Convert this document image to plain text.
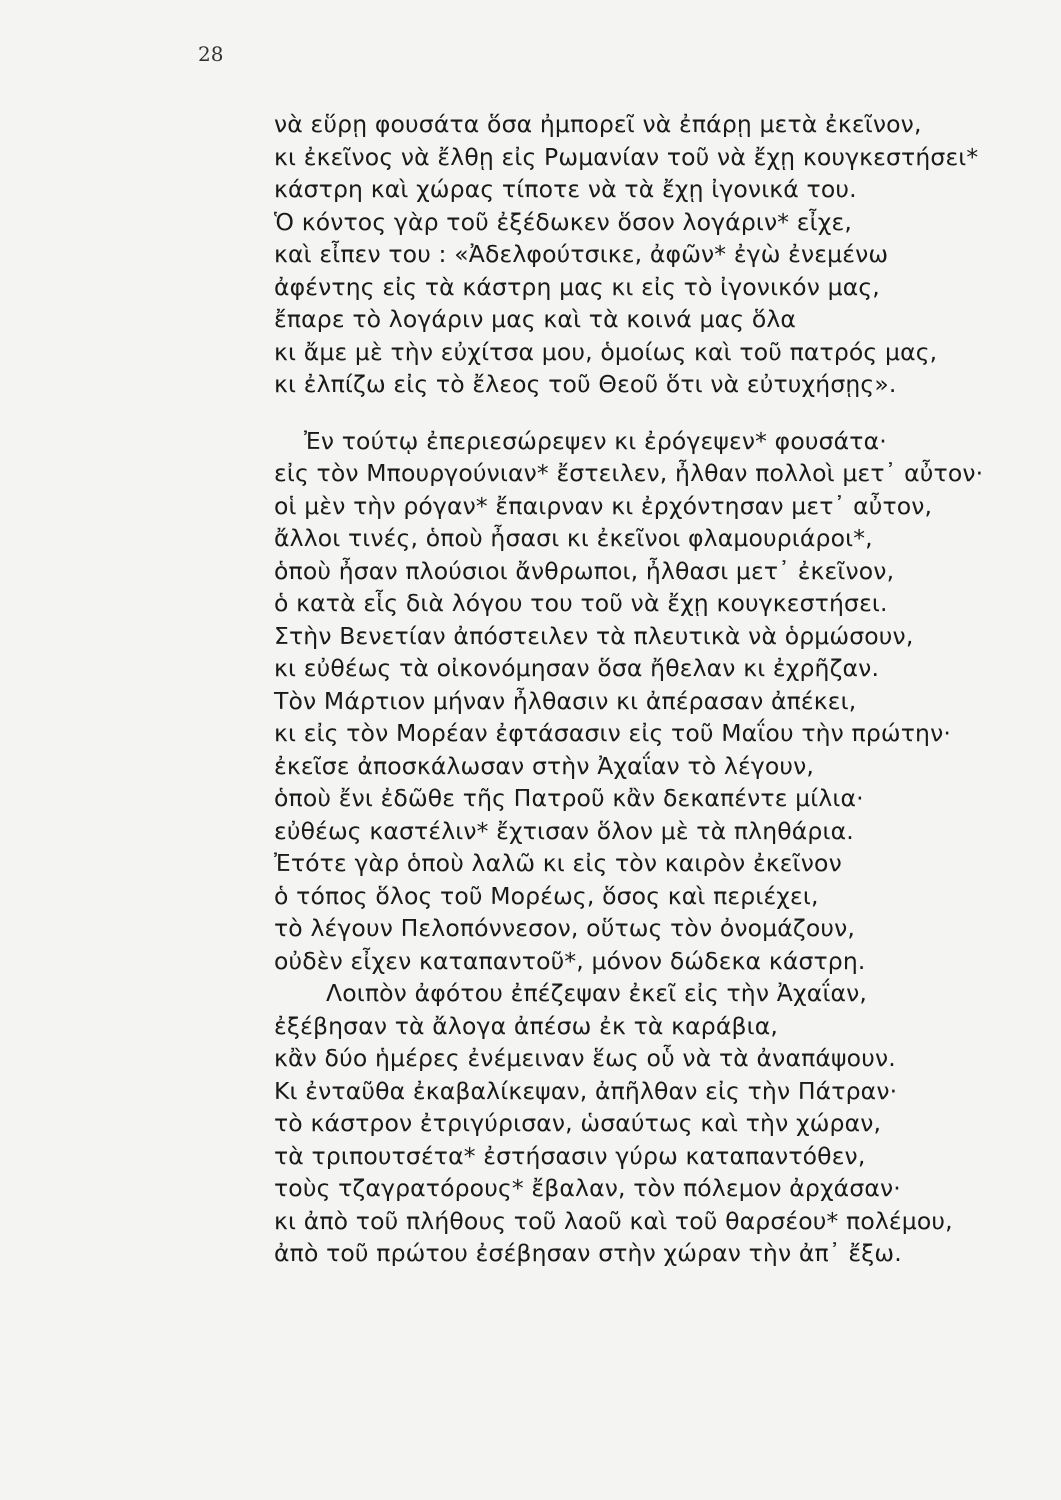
28
νὰ εὕρῃ φουσάτα ὅσα ἠμπορεῖ νὰ ἐπάρῃ μετὰ ἐκεῖνον,
κι ἐκεῖνος νὰ ἔλθῃ εἰς Ρωμανίαν τοῦ νὰ ἔχῃ κουγκεστήσει*
κάστρη καὶ χώρας τίποτε νὰ τὰ ἔχῃ ἰγονικά του.
Ὁ κόντος γὰρ τοῦ ἐξέδωκεν ὅσον λογάριν* εἶχε,
καὶ εἶπεν του : «Ἀδελφούτσικε, ἀφῶν* ἐγὼ ἐνεμένω
ἀφέντης εἰς τὰ κάστρη μας κι εἰς τὸ ἰγονικόν μας,
ἔπαρε τὸ λογάριν μας καὶ τὰ κοινά μας ὅλα
κι ἄμε μὲ τὴν εὐχίτσα μου, ὁμοίως καὶ τοῦ πατρός μας,
κι ἐλπίζω εἰς τὸ ἔλεος τοῦ Θεοῦ ὅτι νὰ εὐτυχήσῃς».
Ἐν τούτῳ ἐπεριεσώρεψεν κι ἐρόγεψεν* φουσάτα·
εἰς τὸν Μπουργούνιαν* ἔστειλεν, ἦλθαν πολλοὶ μετ᾽ αὖτον·
οἱ μὲν τὴν ρόγαν* ἔπαιρναν κι ἐρχόντησαν μετ᾽ αὖτον,
ἄλλοι τινές, ὁποὺ ἦσασι κι ἐκεῖνοι φλαμουριάροι*,
ὁποὺ ἦσαν πλούσιοι ἄνθρωποι, ἦλθασι μετ᾽ ἐκεῖνον,
ὁ κατὰ εἷς διὰ λόγου του τοῦ νὰ ἔχῃ κουγκεστήσει.
Στὴν Βενετίαν ἀπόστειλεν τὰ πλευτικὰ νὰ ὁρμώσουν,
κι εὐθέως τὰ οἰκονόμησαν ὅσα ἤθελαν κι ἐχρῆζαν.
Τὸν Μάρτιον μήναν ἦλθασιν κι ἀπέρασαν ἀπέκει,
κι εἰς τὸν Μορέαν ἐφτάσασιν εἰς τοῦ Μαΐου τὴν πρώτην·
ἐκεῖσε ἀποσκάλωσαν στὴν Ἀχαΐαν τὸ λέγουν,
ὁποὺ ἔνι ἐδῶθε τῆς Πατροῦ κἂν δεκαπέντε μίλια·
εὐθέως καστέλιν* ἔχτισαν ὅλον μὲ τὰ πληθάρια.
Ἐτότε γὰρ ὁποὺ λαλῶ κι εἰς τὸν καιρὸν ἐκεῖνον
ὁ τόπος ὅλος τοῦ Μορέως, ὅσος καὶ περιέχει,
τὸ λέγουν Πελοπόννεσον, οὕτως τὸν ὀνομάζουν,
οὐδὲν εἶχεν καταπαντοῦ*, μόνον δώδεκα κάστρη.
Λοιπὸν ἀφότου ἐπέζεψαν ἐκεῖ εἰς τὴν Ἀχαΐαν,
ἐξέβησαν τὰ ἄλογα ἀπέσω ἐκ τὰ καράβια,
κἂν δύο ἡμέρες ἐνέμειναν ἕως οὗ νὰ τὰ ἀναπάψουν.
Κι ἐνταῦθα ἐκαβαλίκεψαν, ἀπῆλθαν εἰς τὴν Πάτραν·
τὸ κάστρον ἐτριγύρισαν, ὡσαύτως καὶ τὴν χώραν,
τὰ τριπουτσέτα* ἐστήσασιν γύρω καταπαντόθεν,
τοὺς τζαγρατόρους* ἔβαλαν, τὸν πόλεμον ἀρχάσαν·
κι ἀπὸ τοῦ πλήθους τοῦ λαοῦ καὶ τοῦ θαρσέου* πολέμου,
ἀπὸ τοῦ πρώτου ἐσέβησαν στὴν χώραν τὴν ἀπ᾽ ἔξω.
